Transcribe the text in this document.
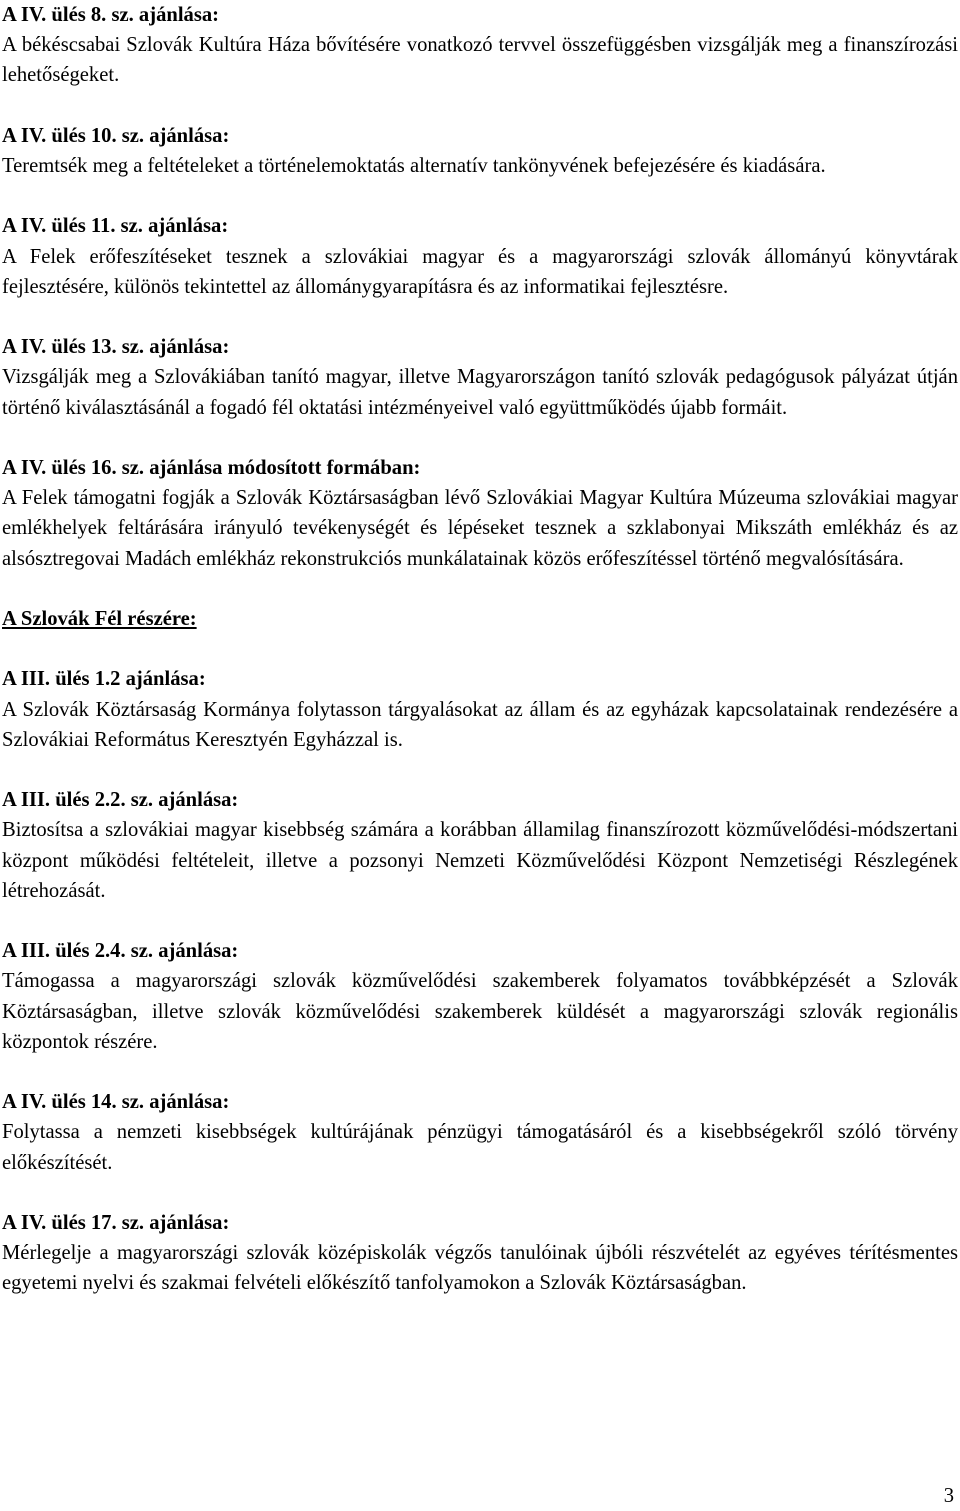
A IV. ülés 8. sz. ajánlása:

A békéscsabai Szlovák Kultúra Háza bővítésére vonatkozó tervvel összefüggésben vizsgálják meg a finanszírozási lehetőségeket.

A IV. ülés 10. sz. ajánlása:

Teremtsék meg a feltételeket a történelemoktatás alternatív tankönyvének befejezésére és kiadására.

A IV. ülés 11. sz. ajánlása:

A Felek erőfeszítéseket tesznek a szlovákiai magyar és a magyarországi szlovák állományú könyvtárak fejlesztésére, különös tekintettel az állománygyarapításra és az informatikai fejlesztésre.

A IV. ülés 13. sz. ajánlása:

Vizsgálják meg a Szlovákiában tanító magyar, illetve Magyarországon tanító szlovák pedagógusok pályázat útján történő kiválasztásánál a fogadó fél oktatási intézményeivel való együttműködés újabb formáit.

A IV. ülés 16. sz. ajánlása módosított formában:

A Felek támogatni fogják a Szlovák Köztársaságban lévő Szlovákiai Magyar Kultúra Múzeuma szlovákiai magyar emlékhelyek feltárására irányuló tevékenységét és lépéseket tesznek a szklabonyai Mikszáth emlékház és az alsósztregovai Madách emlékház rekonstrukciós munkálatainak közös erőfeszítéssel történő megvalósítására.

A Szlovák Fél részére:

A III. ülés 1.2 ajánlása:

A Szlovák Köztársaság Kormánya folytasson tárgyalásokat az állam és az egyházak kapcsolatainak rendezésére a Szlovákiai Református Keresztyén Egyházzal is.

A III. ülés 2.2. sz. ajánlása:

Biztosítsa a szlovákiai magyar kisebbség számára a korábban államilag finanszírozott közművelődési-módszertani központ működési feltételeit, illetve a pozsonyi Nemzeti Közművelődési Központ Nemzetiségi Részlegének létrehozását.

A III. ülés 2.4. sz. ajánlása:

Támogassa a magyarországi szlovák közművelődési szakemberek folyamatos továbbképzését a Szlovák Köztársaságban, illetve szlovák közművelődési szakemberek küldését a magyarországi szlovák regionális központok részére.

A IV. ülés 14. sz. ajánlása:

Folytassa a nemzeti kisebbségek kultúrájának pénzügyi támogatásáról és a kisebbségekről szóló törvény előkészítését.

A IV. ülés 17. sz. ajánlása:

Mérlegelje a magyarországi szlovák középiskolák végzős tanulóinak újbóli részvételét az egyéves térítésmentes egyetemi nyelvi és szakmai felvételi előkészítő tanfolyamokon a Szlovák Köztársaságban.

3
